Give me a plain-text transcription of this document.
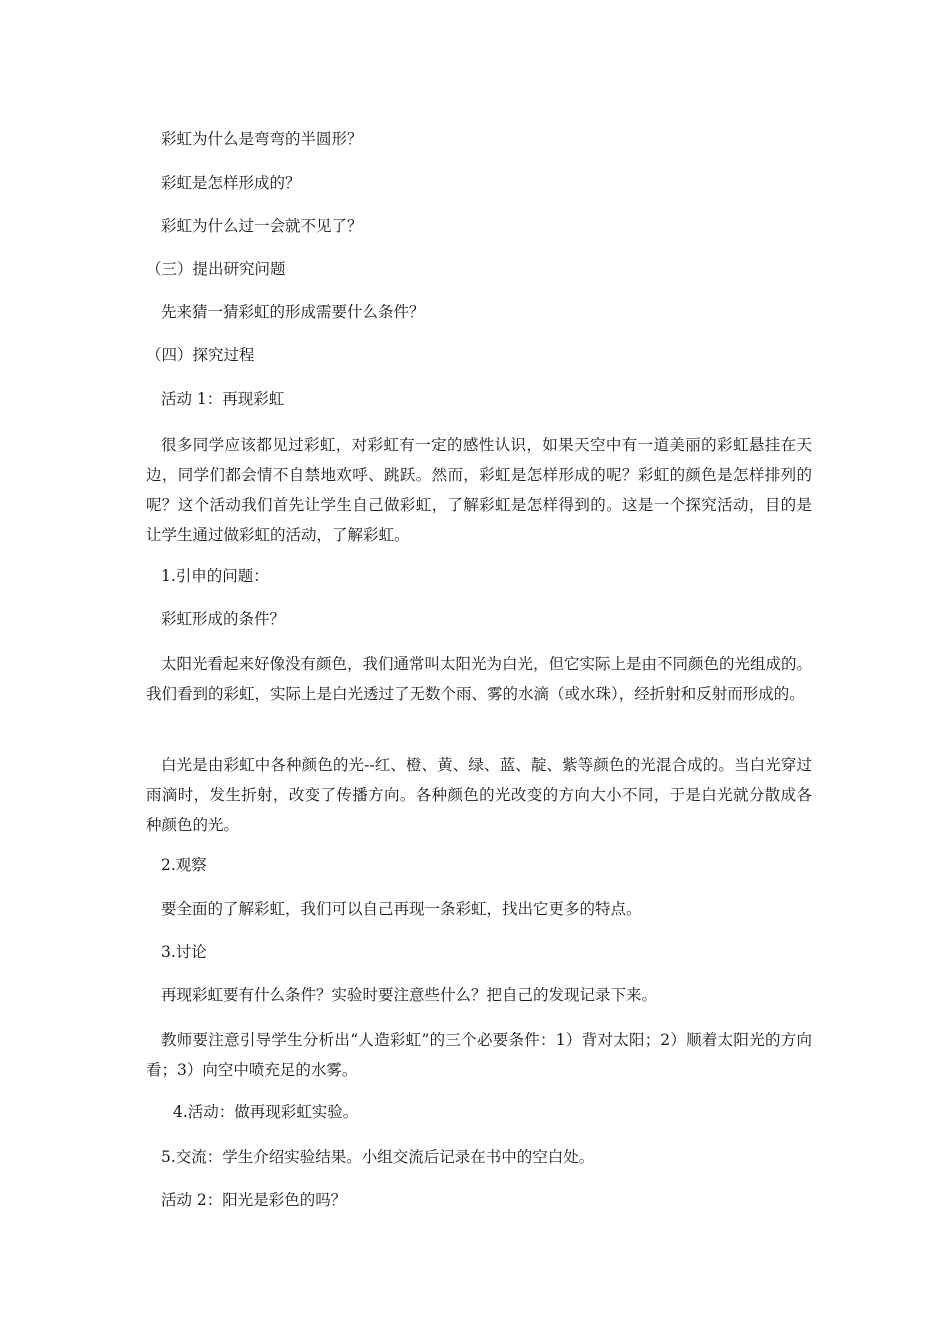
彩虹为什么是弯弯的半圆形？

彩虹是怎样形成的？

彩虹为什么过一会就不见了？

（三）提出研究问题

先来猜一猜彩虹的形成需要什么条件？

（四）探究过程

活动 1：再现彩虹

很多同学应该都见过彩虹，对彩虹有一定的感性认识，如果天空中有一道美丽的彩虹悬挂在天边，同学们都会情不自禁地欢呼、跳跃。然而，彩虹是怎样形成的呢？彩虹的颜色是怎样排列的呢？这个活动我们首先让学生自己做彩虹，了解彩虹是怎样得到的。这是一个探究活动，目的是让学生通过做彩虹的活动，了解彩虹。

1.引申的问题：

彩虹形成的条件？

太阳光看起来好像没有颜色，我们通常叫太阳光为白光，但它实际上是由不同颜色的光组成的。我们看到的彩虹，实际上是白光透过了无数个雨、雾的水滴（或水珠），经折射和反射而形成的。

白光是由彩虹中各种颜色的光--红、橙、黄、绿、蓝、靛、紫等颜色的光混合成的。当白光穿过雨滴时，发生折射，改变了传播方向。各种颜色的光改变的方向大小不同，于是白光就分散成各种颜色的光。

2.观察

要全面的了解彩虹，我们可以自己再现一条彩虹，找出它更多的特点。

3.讨论

再现彩虹要有什么条件？实验时要注意些什么？把自己的发现记录下来。

教师要注意引导学生分析出“人造彩虹”的三个必要条件：1）背对太阳；2）顺着太阳光的方向看；3）向空中喷充足的水雾。

4.活动：做再现彩虹实验。

5.交流：学生介绍实验结果。小组交流后记录在书中的空白处。

活动 2：阳光是彩色的吗？
